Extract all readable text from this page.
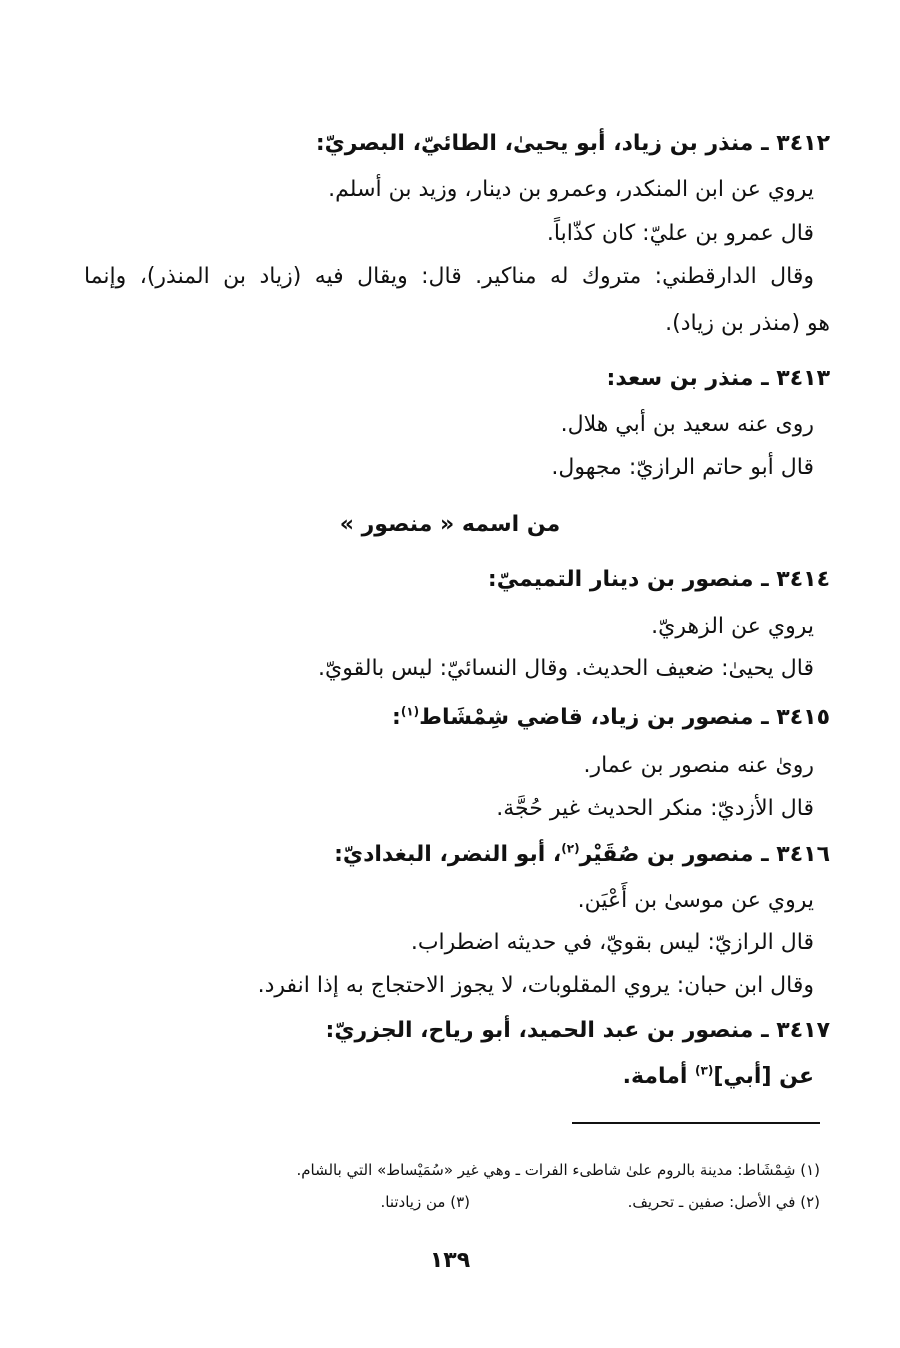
٣٤١٢ ـ منذر بن زياد، أبو يحيىٰ، الطائيّ، البصريّ:
يروي عن ابن المنكدر، وعمرو بن دينار، وزيد بن أسلم.
قال عمرو بن عليّ: كان كذّاباً.
وقال الدارقطني: متروك له مناكير. قال: ويقال فيه (زياد بن المنذر)، وإنما
هو (منذر بن زياد).
٣٤١٣ ـ منذر بن سعد:
روى عنه سعيد بن أبي هلال.
قال أبو حاتم الرازيّ: مجهول.
من اسمه « منصور »
٣٤١٤ ـ منصور بن دينار التميميّ:
يروي عن الزهريّ.
قال يحيىٰ: ضعيف الحديث. وقال النسائيّ: ليس بالقويّ.
٣٤١٥ ـ منصور بن زياد، قاضي شِمْشَاط$^{(١)}$:
روىٰ عنه منصور بن عمار.
قال الأزديّ: منكر الحديث غير حُجَّة.
٣٤١٦ ـ منصور بن صُقَيْر$^{(٢)}$، أبو النضر، البغداديّ:
يروي عن موسىٰ بن أَعْيَن.
قال الرازيّ: ليس بقويّ، في حديثه اضطراب.
وقال ابن حبان: يروي المقلوبات، لا يجوز الاحتجاج به إذا انفرد.
٣٤١٧ ـ منصور بن عبد الحميد، أبو رياح، الجزريّ:
عن [أبي]$^{(٣)}$ أمامة.
(١) شِمْشَاط: مدينة بالروم علىٰ شاطىء الفرات ـ وهي غير «سُمَيْساط» التي بالشام.
(٢) في الأصل: صفين ـ تحريف.
(٣) من زيادتنا.
١٣٩
